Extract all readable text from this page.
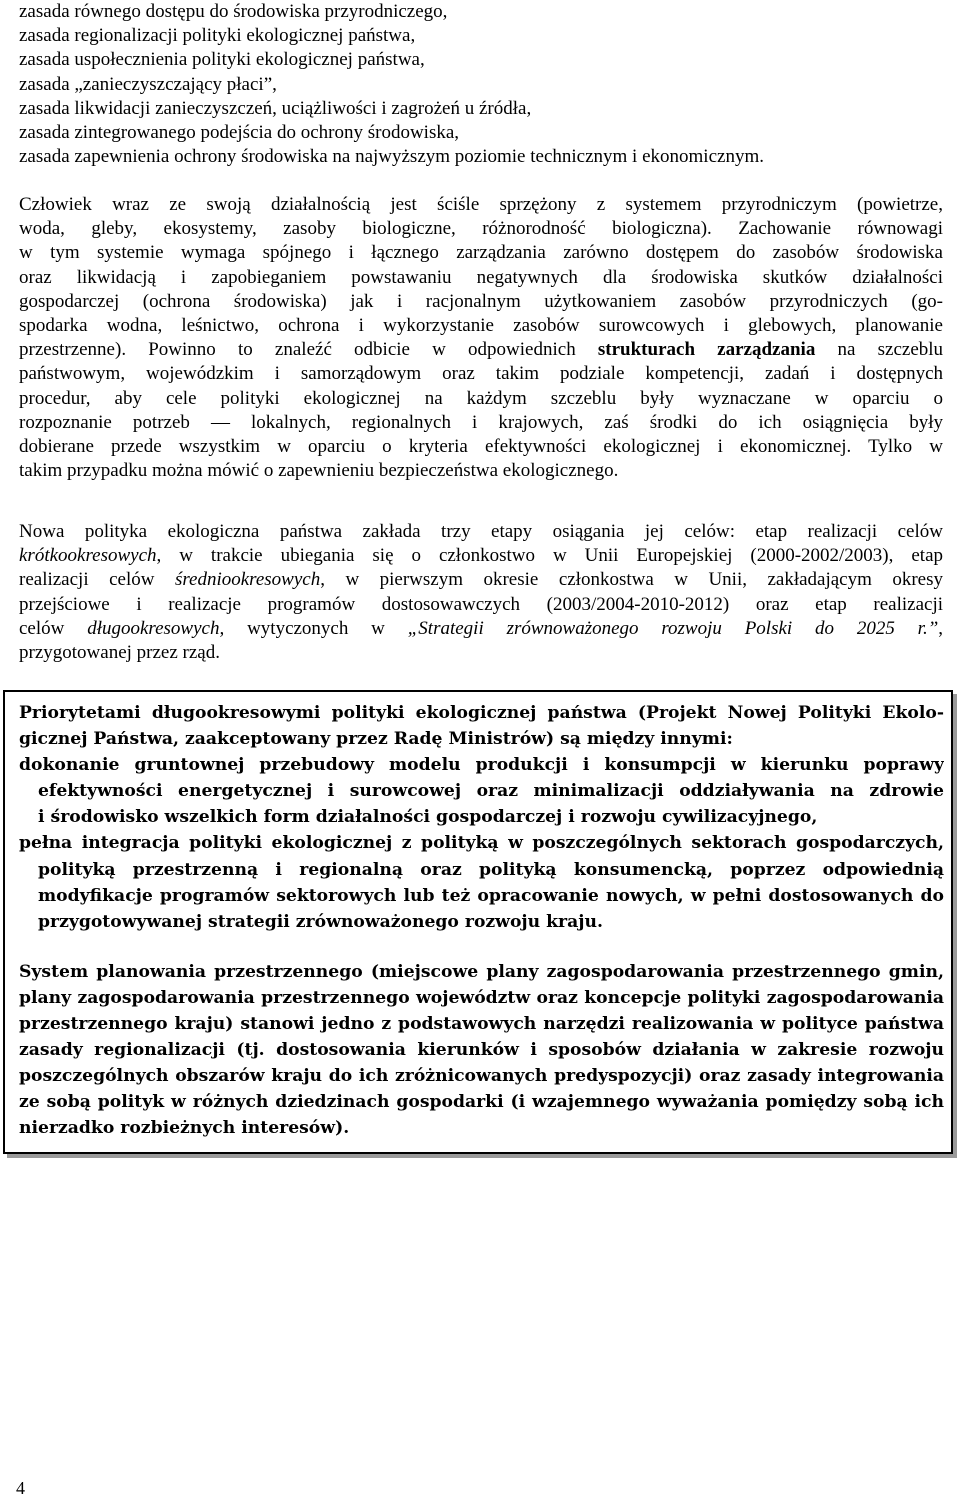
zasada równego dostępu do środowiska przyrodniczego,
zasada regionalizacji polityki ekologicznej państwa,
zasada uspołecznienia polityki ekologicznej państwa,
zasada „zanieczyszczający płaci”,
zasada likwidacji zanieczyszczeń, uciążliwości i zagrożeń u źródła,
zasada zintegrowanego podejścia do ochrony środowiska,
zasada zapewnienia ochrony środowiska na najwyższym poziomie technicznym i ekonomicznym.
Człowiek wraz ze swoją działalnością jest ściśle sprzężony z systemem przyrodniczym (powietrze,
woda, gleby, ekosystemy, zasoby biologiczne, różnorodność biologiczna). Zachowanie równowagi
w tym systemie wymaga spójnego i łącznego zarządzania zarówno dostępem do zasobów środowiska
oraz likwidacją i zapobieganiem powstawaniu negatywnych dla środowiska skutków działalności
gospodarczej (ochrona środowiska) jak i racjonalnym użytkowaniem zasobów przyrodniczych (go-
spodarka wodna, leśnictwo, ochrona i wykorzystanie zasobów surowcowych i glebowych, planowanie
przestrzenne). Powinno to znaleźć odbicie w odpowiednich strukturach zarządzania na szczeblu
państwowym, wojewódzkim i samorządowym oraz takim podziale kompetencji, zadań i dostępnych
procedur, aby cele polityki ekologicznej na każdym szczeblu były wyznaczane w oparciu o
rozpoznanie potrzeb — lokalnych, regionalnych i krajowych, zaś środki do ich osiągnięcia były
dobierane przede wszystkim w oparciu o kryteria efektywności ekologicznej i ekonomicznej. Tylko w
takim przypadku można mówić o zapewnieniu bezpieczeństwa ekologicznego.
Nowa polityka ekologiczna państwa zakłada trzy etapy osiągania jej celów: etap realizacji celów
krótkookresowych, w trakcie ubiegania się o członkostwo w Unii Europejskiej (2000-2002/2003), etap
realizacji celów średniookresowych, w pierwszym okresie członkostwa w Unii, zakładającym okresy
przejściowe i realizacje programów dostosowawczych (2003/2004-2010-2012) oraz etap realizacji
celów długookresowych, wytyczonych w „Strategii zrównoważonego rozwoju Polski do 2025 r.”,
przygotowanej przez rząd.
Priorytetami długookresowymi polityki ekologicznej państwa (Projekt Nowej Polityki Ekolo-
gicznej Państwa, zaakceptowany przez Radę Ministrów) są między innymi:
dokonanie gruntownej przebudowy modelu produkcji i konsumpcji w kierunku poprawy
efektywności energetycznej i surowcowej oraz minimalizacji oddziaływania na zdrowie
i środowisko wszelkich form działalności gospodarczej i rozwoju cywilizacyjnego,
pełna integracja polityki ekologicznej z polityką w poszczególnych sektorach gospodarczych,
polityką przestrzenną i regionalną oraz polityką konsumencką, poprzez odpowiednią
modyfikacje programów sektorowych lub też opracowanie nowych, w pełni dostosowanych do
przygotowywanej strategii zrównoważonego rozwoju kraju.
System planowania przestrzennego (miejscowe plany zagospodarowania przestrzennego gmin,
plany zagospodarowania przestrzennego województw oraz koncepcje polityki zagospodarowania
przestrzennego kraju) stanowi jedno z podstawowych narzędzi realizowania w polityce państwa
zasady regionalizacji (tj. dostosowania kierunków i sposobów działania w zakresie rozwoju
poszczególnych obszarów kraju do ich zróżnicowanych predyspozycji) oraz zasady integrowania
ze sobą polityk w różnych dziedzinach gospodarki (i wzajemnego wyważania pomiędzy sobą ich
nierzadko rozbieżnych interesów).
4
